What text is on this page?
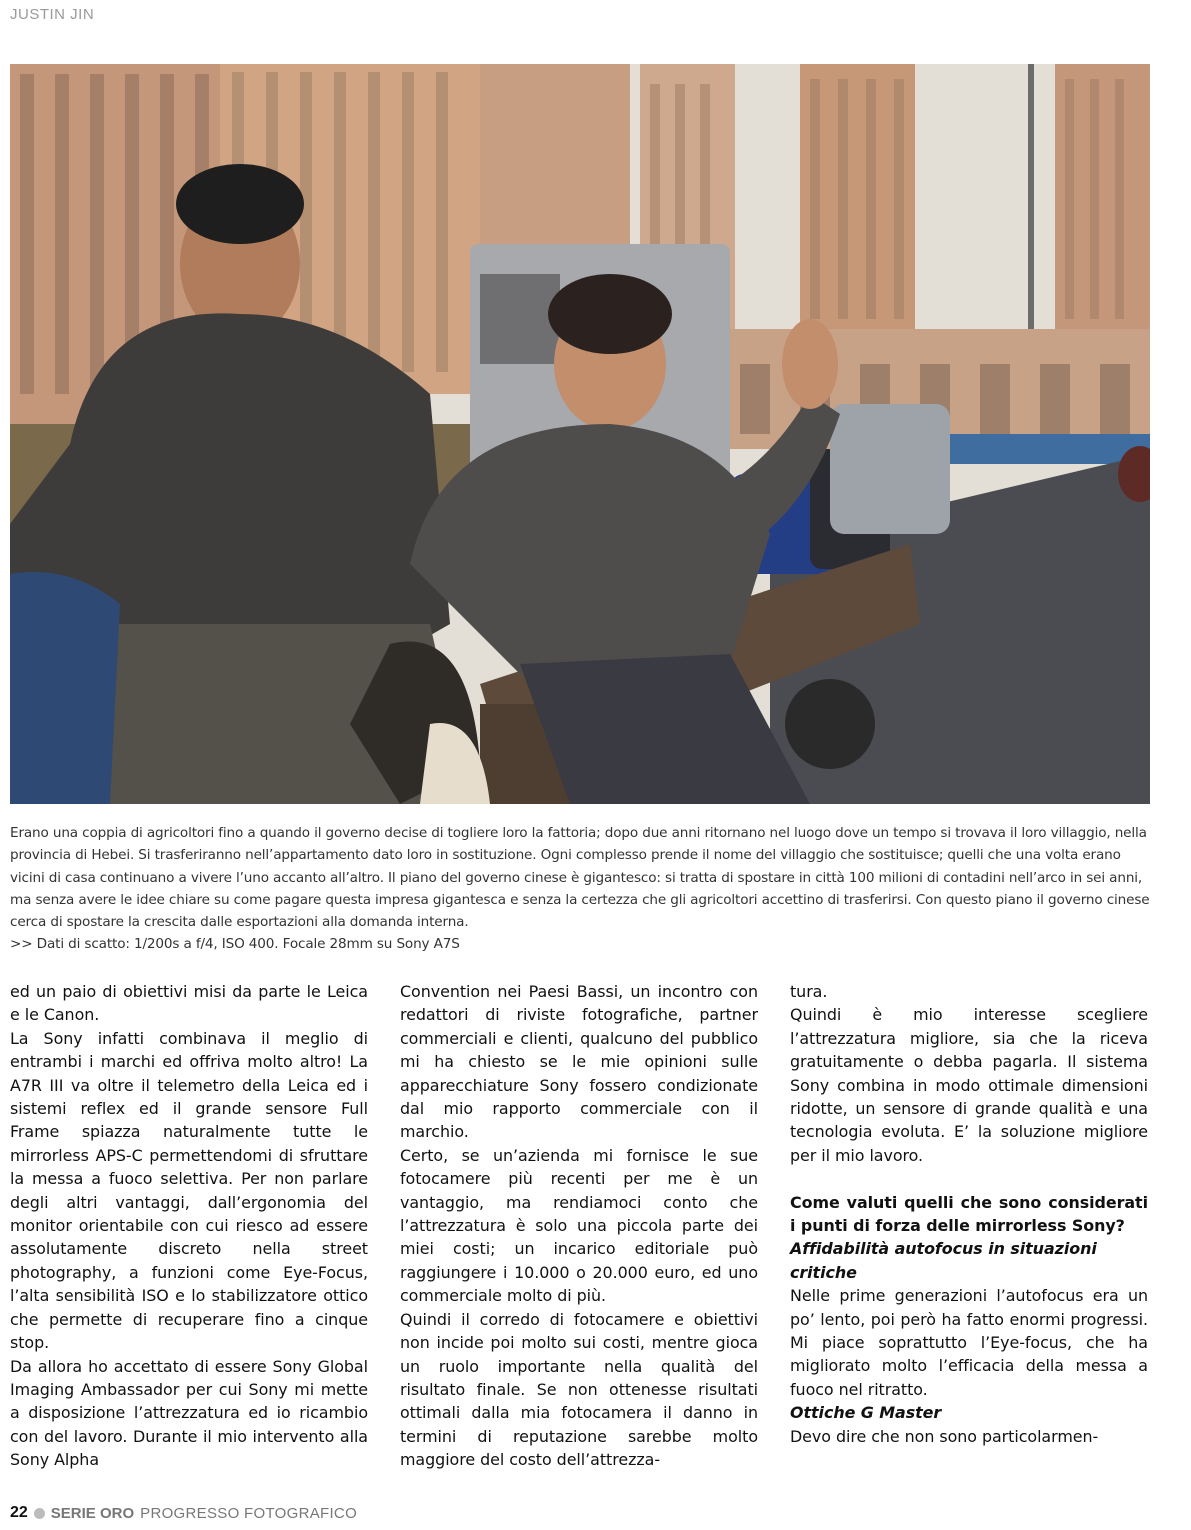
JUSTIN JIN

Erano una coppia di agricoltori fino a quando il governo decise di togliere loro la fattoria; dopo due anni ritornano nel luogo dove un tempo si trovava il loro villaggio, nella provincia di Hebei. Si trasferiranno nell’appartamento dato loro in sostituzione. Ogni complesso prende il nome del villaggio che sostituisce; quelli che una volta erano vicini di casa continuano a vivere l’uno accanto all’altro. Il piano del governo cinese è gigantesco: si tratta di spostare in città 100 milioni di contadini nell’arco in sei anni, ma senza avere le idee chiare su come pagare questa impresa gigantesca e senza la certezza che gli agricoltori accettino di trasferirsi. Con questo piano il governo cinese cerca di spostare la crescita dalle esportazioni alla domanda interna.

>> Dati di scatto: 1/200s a f/4, ISO 400. Focale 28mm su Sony A7S

ed un paio di obiettivi misi da parte le Leica e le Canon.

La Sony infatti combinava il meglio di entrambi i marchi ed offriva molto altro! La A7R III va oltre il telemetro della Leica ed i sistemi reflex ed il grande sensore Full Frame spiazza naturalmente tutte le mirrorless APS-C permettendomi di sfruttare la messa a fuoco selettiva. Per non parlare degli altri vantaggi, dall’ergonomia del monitor orientabile con cui riesco ad essere assolutamente discreto nella street photography, a funzioni come Eye-Focus, l’alta sensibilità ISO e lo stabilizzatore ottico che permette di recuperare fino a cinque stop.

Da allora ho accettato di essere Sony Global Imaging Ambassador per cui Sony mi mette a disposizione l’attrezzatura ed io ricambio con del lavoro. Durante il mio intervento alla Sony Alpha

Convention nei Paesi Bassi, un incontro con redattori di riviste fotografiche, partner commerciali e clienti, qualcuno del pubblico mi ha chiesto se le mie opinioni sulle apparecchiature Sony fossero condizionate dal mio rapporto commerciale con il marchio.

Certo, se un’azienda mi fornisce le sue fotocamere più recenti per me è un vantaggio, ma rendiamoci conto che l’attrezzatura è solo una piccola parte dei miei costi; un incarico editoriale può raggiungere i 10.000 o 20.000 euro, ed uno commerciale molto di più.

Quindi il corredo di fotocamere e obiettivi non incide poi molto sui costi, mentre gioca un ruolo importante nella qualità del risultato finale. Se non ottenesse risultati ottimali dalla mia fotocamera il danno in termini di reputazione sarebbe molto maggiore del costo dell’attrezza-

tura.

Quindi è mio interesse scegliere l’attrezzatura migliore, sia che la riceva gratuitamente o debba pagarla. Il sistema Sony combina in modo ottimale dimensioni ridotte, un sensore di grande qualità e una tecnologia evoluta. E’ la soluzione migliore per il mio lavoro.

Come valuti quelli che sono considerati i punti di forza delle mirrorless Sony?

Affidabilità autofocus in situazioni critiche

Nelle prime generazioni l’autofocus era un po’ lento, poi però ha fatto enormi progressi. Mi piace soprattutto l’Eye-focus, che ha migliorato molto l’efficacia della messa a fuoco nel ritratto.

Ottiche G Master

Devo dire che non sono particolarmen-

22 SERIE ORO PROGRESSO FOTOGRAFICO
